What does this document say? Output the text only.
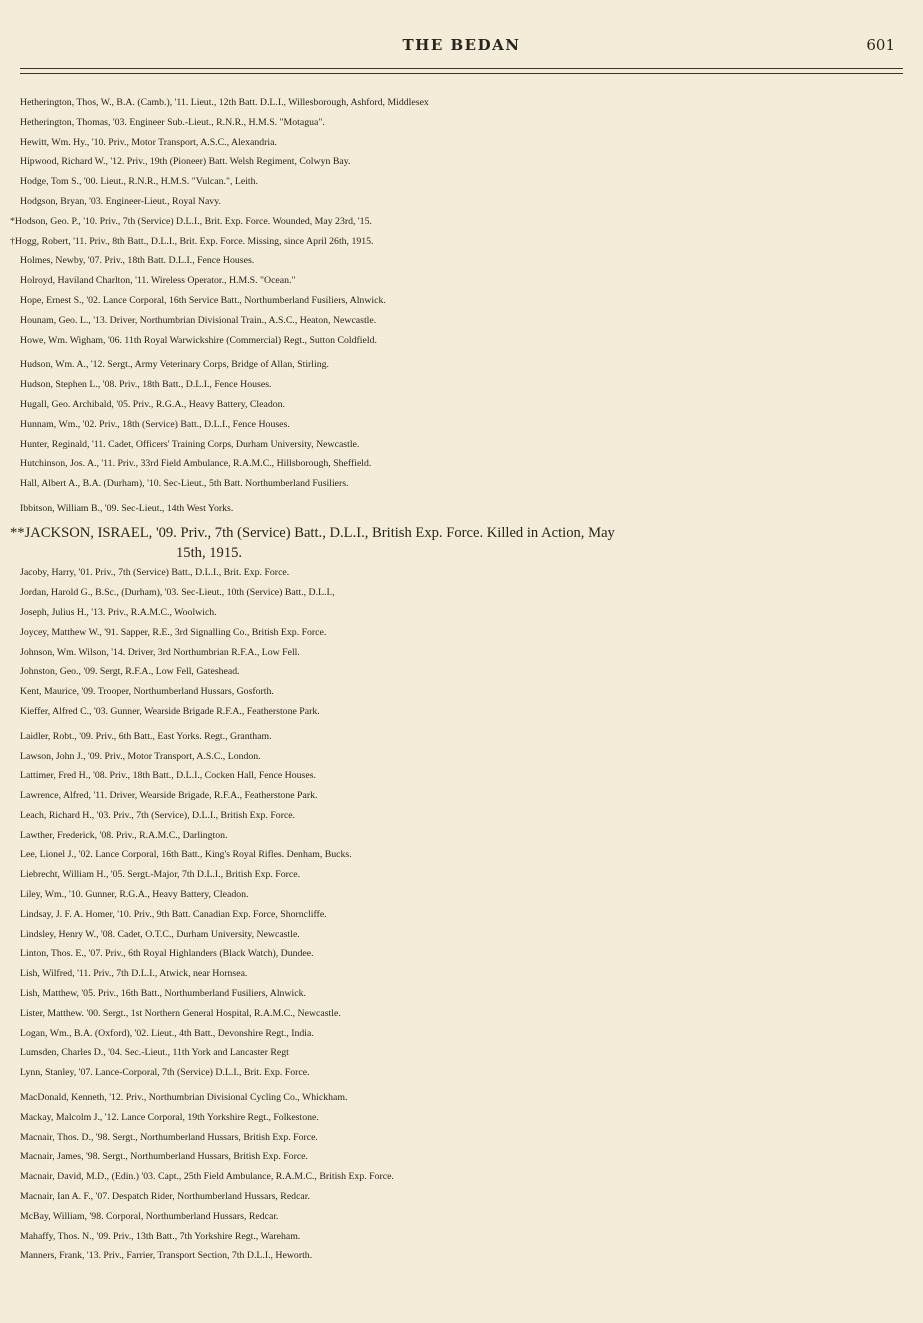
THE BEDAN	601
Hetherington, Thos, W., B.A. (Camb.), '11. Lieut., 12th Batt. D.L.I., Willesborough, Ashford, Middlesex
Hetherington, Thomas, '03. Engineer Sub.-Lieut., R.N.R., H.M.S. "Motagua".
Hewitt, Wm. Hy., '10. Priv., Motor Transport, A.S.C., Alexandria.
Hipwood, Richard W., '12. Priv., 19th (Pioneer) Batt. Welsh Regiment, Colwyn Bay.
Hodge, Tom S., '00. Lieut., R.N.R., H.M.S. "Vulcan.", Leith.
Hodgson, Bryan, '03. Engineer-Lieut., Royal Navy.
*Hodson, Geo. P., '10. Priv., 7th (Service) D.L.I., Brit. Exp. Force. Wounded, May 23rd, '15.
†Hogg, Robert, '11. Priv., 8th Batt., D.L.I., Brit. Exp. Force. Missing, since April 26th, 1915.
Holmes, Newby, '07. Priv., 18th Batt. D.L.I., Fence Houses.
Holroyd, Haviland Charlton, '11. Wireless Operator., H.M.S. "Ocean."
Hope, Ernest S., '02. Lance Corporal, 16th Service Batt., Northumberland Fusiliers, Alnwick.
Hounam, Geo. L., '13. Driver, Northumbrian Divisional Train., A.S.C., Heaton, Newcastle.
Howe, Wm. Wigham, '06. 11th Royal Warwickshire (Commercial) Regt., Sutton Coldfield.
Hudson, Wm. A., '12. Sergt., Army Veterinary Corps, Bridge of Allan, Stirling.
Hudson, Stephen L., '08. Priv., 18th Batt., D.L.I., Fence Houses.
Hugall, Geo. Archibald, '05. Priv., R.G.A., Heavy Battery, Cleadon.
Hunnam, Wm., '02. Priv., 18th (Service) Batt., D.L.I., Fence Houses.
Hunter, Reginald, '11. Cadet, Officers' Training Corps, Durham University, Newcastle.
Hutchinson, Jos. A., '11. Priv., 33rd Field Ambulance, R.A.M.C., Hillsborough, Sheffield.
Hall, Albert A., B.A. (Durham), '10. Sec-Lieut., 5th Batt. Northumberland Fusiliers.
Ibbitson, William B., '09. Sec-Lieut., 14th West Yorks.
**JACKSON, ISRAEL, '09. Priv., 7th (Service) Batt., D.L.I., British Exp. Force. Killed in Action, May
15th, 1915.
Jacoby, Harry, '01. Priv., 7th (Service) Batt., D.L.I., Brit. Exp. Force.
Jordan, Harold G., B.Sc., (Durham), '03. Sec-Lieut., 10th (Service) Batt., D.L.I.,
Joseph, Julius H., '13. Priv., R.A.M.C., Woolwich.
Joycey, Matthew W., '91. Sapper, R.E., 3rd Signalling Co., British Exp. Force.
Johnson, Wm. Wilson, '14. Driver, 3rd Northumbrian R.F.A., Low Fell.
Johnston, Geo., '09. Sergt, R.F.A., Low Fell, Gateshead.
Kent, Maurice, '09. Trooper, Northumberland Hussars, Gosforth.
Kieffer, Alfred C., '03. Gunner, Wearside Brigade R.F.A., Featherstone Park.
Laidler, Robt., '09. Priv., 6th Batt., East Yorks. Regt., Grantham.
Lawson, John J., '09. Priv., Motor Transport, A.S.C., London.
Lattimer, Fred H., '08. Priv., 18th Batt., D.L.I., Cocken Hall, Fence Houses.
Lawrence, Alfred, '11. Driver, Wearside Brigade, R.F.A., Featherstone Park.
Leach, Richard H., '03. Priv., 7th (Service), D.L.I., British Exp. Force.
Lawther, Frederick, '08. Priv., R.A.M.C., Darlington.
Lee, Lionel J., '02. Lance Corporal, 16th Batt., King's Royal Rifles. Denham, Bucks.
Liebrecht, William H., '05. Sergt.-Major, 7th D.L.I., British Exp. Force.
Liley, Wm., '10. Gunner, R.G.A., Heavy Battery, Cleadon.
Lindsay, J. F. A. Homer, '10. Priv., 9th Batt. Canadian Exp. Force, Shorncliffe.
Lindsley, Henry W., '08. Cadet, O.T.C., Durham University, Newcastle.
Linton, Thos. E., '07. Priv., 6th Royal Highlanders (Black Watch), Dundee.
Lish, Wilfred, '11. Priv., 7th D.L.I., Atwick, near Hornsea.
Lish, Matthew, '05. Priv., 16th Batt., Northumberland Fusiliers, Alnwick.
Lister, Matthew. '00. Sergt., 1st Northern General Hospital, R.A.M.C., Newcastle.
Logan, Wm., B.A. (Oxford), '02. Lieut., 4th Batt., Devonshire Regt., India.
Lumsden, Charles D., '04. Sec.-Lieut., 11th York and Lancaster Regt
Lynn, Stanley, '07. Lance-Corporal, 7th (Service) D.L.I., Brit. Exp. Force.
MacDonald, Kenneth, '12. Priv., Northumbrian Divisional Cycling Co., Whickham.
Mackay, Malcolm J., '12. Lance Corporal, 19th Yorkshire Regt., Folkestone.
Macnair, Thos. D., '98. Sergt., Northumberland Hussars, British Exp. Force.
Macnair, James, '98. Sergt., Northumberland Hussars, British Exp. Force.
Macnair, David, M.D., (Edin.) '03. Capt., 25th Field Ambulance, R.A.M.C., British Exp. Force.
Macnair, Ian A. F., '07. Despatch Rider, Northumberland Hussars, Redcar.
McBay, William, '98. Corporal, Northumberland Hussars, Redcar.
Mahaffy, Thos. N., '09. Priv., 13th Batt., 7th Yorkshire Regt., Wareham.
Manners, Frank, '13. Priv., Farrier, Transport Section, 7th D.L.I., Heworth.
